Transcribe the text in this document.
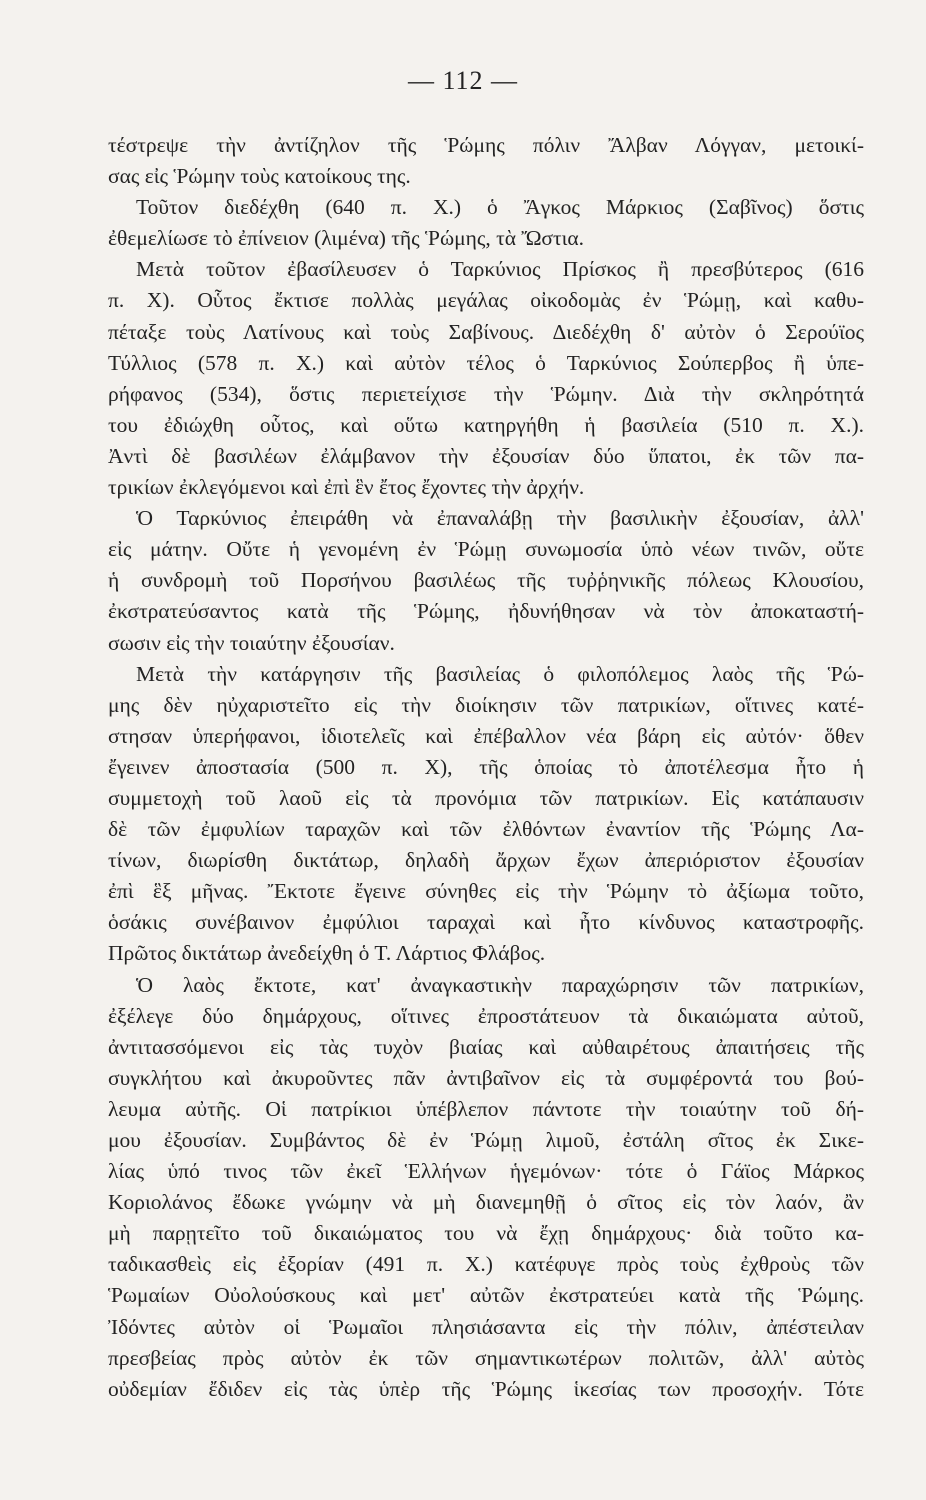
— 112 —
τέστρεψε τὴν ἀντίζηλον τῆς Ῥώμης πόλιν Ἄλβαν Λόγγαν, μετοικί-
σας εἰς Ῥώμην τοὺς κατοίκους της.
Τοῦτον διεδέχθη (640 π. Χ.) ὁ Ἄγκος Μάρκιος (Σαβῖνος) ὅστις
ἐθεμελίωσε τὸ ἐπίνειον (λιμένα) τῆς Ῥώμης, τὰ Ὤστια.
Μετὰ τοῦτον ἐβασίλευσεν ὁ Ταρκύνιος Πρίσκος ἢ πρεσβύτερος (616
π. Χ). Οὗτος ἔκτισε πολλὰς μεγάλας οἰκοδομὰς ἐν Ῥώμῃ, καὶ καθυ-
πέταξε τοὺς Λατίνους καὶ τοὺς Σαβίνους. Διεδέχθη δ' αὐτὸν ὁ Σερούϊος
Τύλλιος (578 π. Χ.) καὶ αὐτὸν τέλος ὁ Ταρκύνιος Σούπερβος ἢ ὑπε-
ρήφανος (534), ὅστις περιετείχισε τὴν Ῥώμην. Διὰ τὴν σκληρότητά
του ἐδιώχθη οὗτος, καὶ οὕτω κατηργήθη ἡ βασιλεία (510 π. Χ.).
Ἀντὶ δὲ βασιλέων ἐλάμβανον τὴν ἐξουσίαν δύο ὕπατοι, ἐκ τῶν πα-
τρικίων ἐκλεγόμενοι καὶ ἐπὶ ἓν ἔτος ἔχοντες τὴν ἀρχήν.
Ὁ Ταρκύνιος ἐπειράθη νὰ ἐπαναλάβῃ τὴν βασιλικὴν ἐξουσίαν, ἀλλ'
εἰς μάτην. Οὔτε ἡ γενομένη ἐν Ῥώμῃ συνωμοσία ὑπὸ νέων τινῶν, οὔτε
ἡ συνδρομὴ τοῦ Πορσήνου βασιλέως τῆς τυῤῥηνικῆς πόλεως Κλουσίου,
ἐκστρατεύσαντος κατὰ τῆς Ῥώμης, ἠδυνήθησαν νὰ τὸν ἀποκαταστή-
σωσιν εἰς τὴν τοιαύτην ἐξουσίαν.
Μετὰ τὴν κατάργησιν τῆς βασιλείας ὁ φιλοπόλεμος λαὸς τῆς Ῥώ-
μης δὲν ηὐχαριστεῖτο εἰς τὴν διοίκησιν τῶν πατρικίων, οἵτινες κατέ-
στησαν ὑπερήφανοι, ἰδιοτελεῖς καὶ ἐπέβαλλον νέα βάρη εἰς αὐτόν· ὅθεν
ἔγεινεν ἀποστασία (500 π. Χ), τῆς ὁποίας τὸ ἀποτέλεσμα ἦτο ἡ
συμμετοχὴ τοῦ λαοῦ εἰς τὰ προνόμια τῶν πατρικίων. Εἰς κατάπαυσιν
δὲ τῶν ἐμφυλίων ταραχῶν καὶ τῶν ἐλθόντων ἐναντίον τῆς Ῥώμης Λα-
τίνων, διωρίσθη δικτάτωρ, δηλαδὴ ἄρχων ἔχων ἀπεριόριστον ἐξουσίαν
ἐπὶ ἓξ μῆνας. Ἔκτοτε ἔγεινε σύνηθες εἰς τὴν Ῥώμην τὸ ἀξίωμα τοῦτο,
ὁσάκις συνέβαινον ἐμφύλιοι ταραχαὶ καὶ ἦτο κίνδυνος καταστροφῆς.
Πρῶτος δικτάτωρ ἀνεδείχθη ὁ Τ. Λάρτιος Φλάβος.
Ὁ λαὸς ἔκτοτε, κατ' ἀναγκαστικὴν παραχώρησιν τῶν πατρικίων,
ἐξέλεγε δύο δημάρχους, οἵτινες ἐπροστάτευον τὰ δικαιώματα αὐτοῦ,
ἀντιτασσόμενοι εἰς τὰς τυχὸν βιαίας καὶ αὐθαιρέτους ἀπαιτήσεις τῆς
συγκλήτου καὶ ἀκυροῦντες πᾶν ἀντιβαῖνον εἰς τὰ συμφέροντά του βού-
λευμα αὐτῆς. Οἱ πατρίκιοι ὑπέβλεπον πάντοτε τὴν τοιαύτην τοῦ δή-
μου ἐξουσίαν. Συμβάντος δὲ ἐν Ῥώμῃ λιμοῦ, ἐστάλη σῖτος ἐκ Σικε-
λίας ὑπό τινος τῶν ἐκεῖ Ἑλλήνων ἡγεμόνων· τότε ὁ Γάϊος Μάρκος
Κοριολάνος ἔδωκε γνώμην νὰ μὴ διανεμηθῇ ὁ σῖτος εἰς τὸν λαόν, ἂν
μὴ παρῃτεῖτο τοῦ δικαιώματος του νὰ ἔχῃ δημάρχους· διὰ τοῦτο κα-
ταδικασθεὶς εἰς ἐξορίαν (491 π. Χ.) κατέφυγε πρὸς τοὺς ἐχθροὺς τῶν
Ῥωμαίων Οὐολούσκους καὶ μετ' αὐτῶν ἐκστρατεύει κατὰ τῆς Ῥώμης.
Ἰδόντες αὐτὸν οἱ Ῥωμαῖοι πλησιάσαντα εἰς τὴν πόλιν, ἀπέστειλαν
πρεσβείας πρὸς αὐτὸν ἐκ τῶν σημαντικωτέρων πολιτῶν, ἀλλ' αὐτὸς
οὐδεμίαν ἔδιδεν εἰς τὰς ὑπὲρ τῆς Ῥώμης ἱκεσίας των προσοχήν. Τότε
